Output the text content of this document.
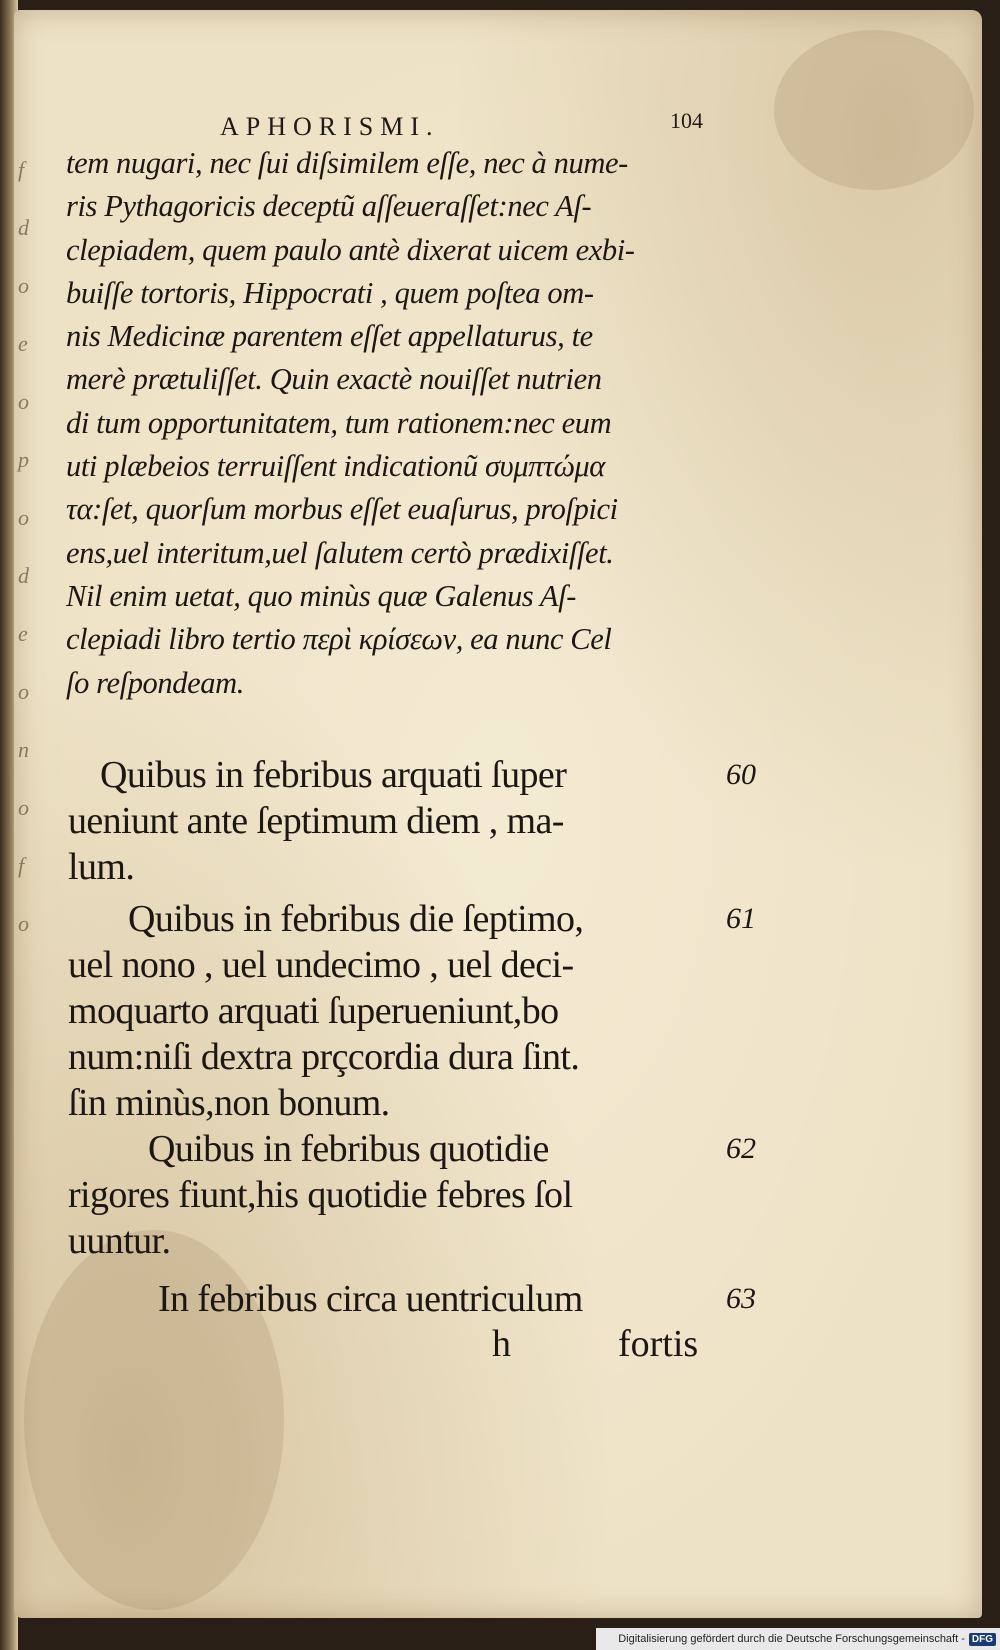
f
d
o
e
o
p
o
d
e
o
n
o
f
o
APHORISMI.	104
tem nugari, nec ſui diſsimilem eſſe, nec à nume-
ris Pythagoricis deceptũ aſſeueraſſet:nec Aſ-
clepiadem, quem paulo antè dixerat uicem exbi-
buiſſe tortoris, Hippocrati , quem poſtea om-
nis Medicinæ parentem eſſet appellaturus, te
merè prætuliſſet. Quin exactè nouiſſet nutrien
di tum opportunitatem, tum rationem:nec eum
uti plæbeios terruiſſent indicationũ συμπτώμα
τα:ſet, quorſum morbus eſſet euaſurus, proſpici
ens,uel interitum,uel ſalutem certò prædixiſſet.
Nil enim uetat, quo minùs quæ Galenus Aſ-
clepiadi libro tertio περὶ κρίσεων, ea nunc Cel
ſo reſpondeam.
Quibus in febribus arquati ſuper
ueniunt ante ſeptimum diem , ma-
lum.
60
Quibus in febribus die ſeptimo,
uel nono , uel undecimo , uel deci-
moquarto arquati ſuperueniunt,bo
num:niſi dextra prçcordia dura ſint.
ſin minùs,non bonum.
61
Quibus in febribus quotidie
rigores fiunt,his quotidie febres ſol
uuntur.
62
In febribus circa uentriculum	63
h	fortis
Digitalisierung gefördert durch die Deutsche Forschungsgemeinschaft - DFG
